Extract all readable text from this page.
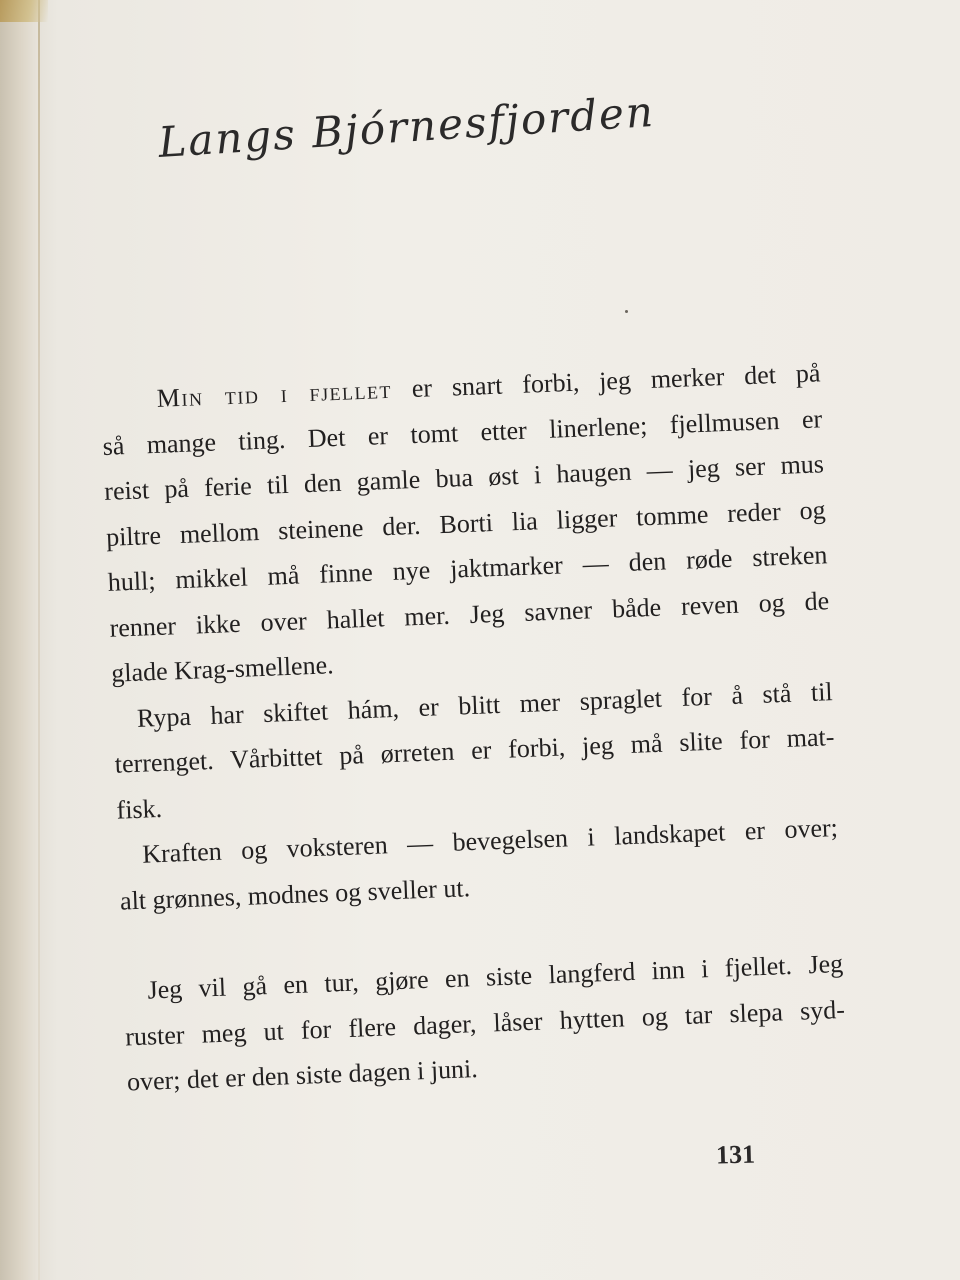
Langs Bjórnesfjorden
Min tid i fjellet er snart forbi, jeg merker det på
så mange ting. Det er tomt etter linerlene; fjellmusen er
reist på ferie til den gamle bua øst i haugen — jeg ser mus
piltre mellom steinene der. Borti lia ligger tomme reder og
hull; mikkel må finne nye jaktmarker — den røde streken
renner ikke over hallet mer. Jeg savner både reven og de
glade Krag-smellene.
Rypa har skiftet hám, er blitt mer spraglet for å stå til
terrenget. Vårbittet på ørreten er forbi, jeg må slite for mat-
fisk.
Kraften og voksteren — bevegelsen i landskapet er over;
alt grønnes, modnes og sveller ut.
Jeg vil gå en tur, gjøre en siste langferd inn i fjellet. Jeg
ruster meg ut for flere dager, låser hytten og tar slepa syd-
over; det er den siste dagen i juni.
131
